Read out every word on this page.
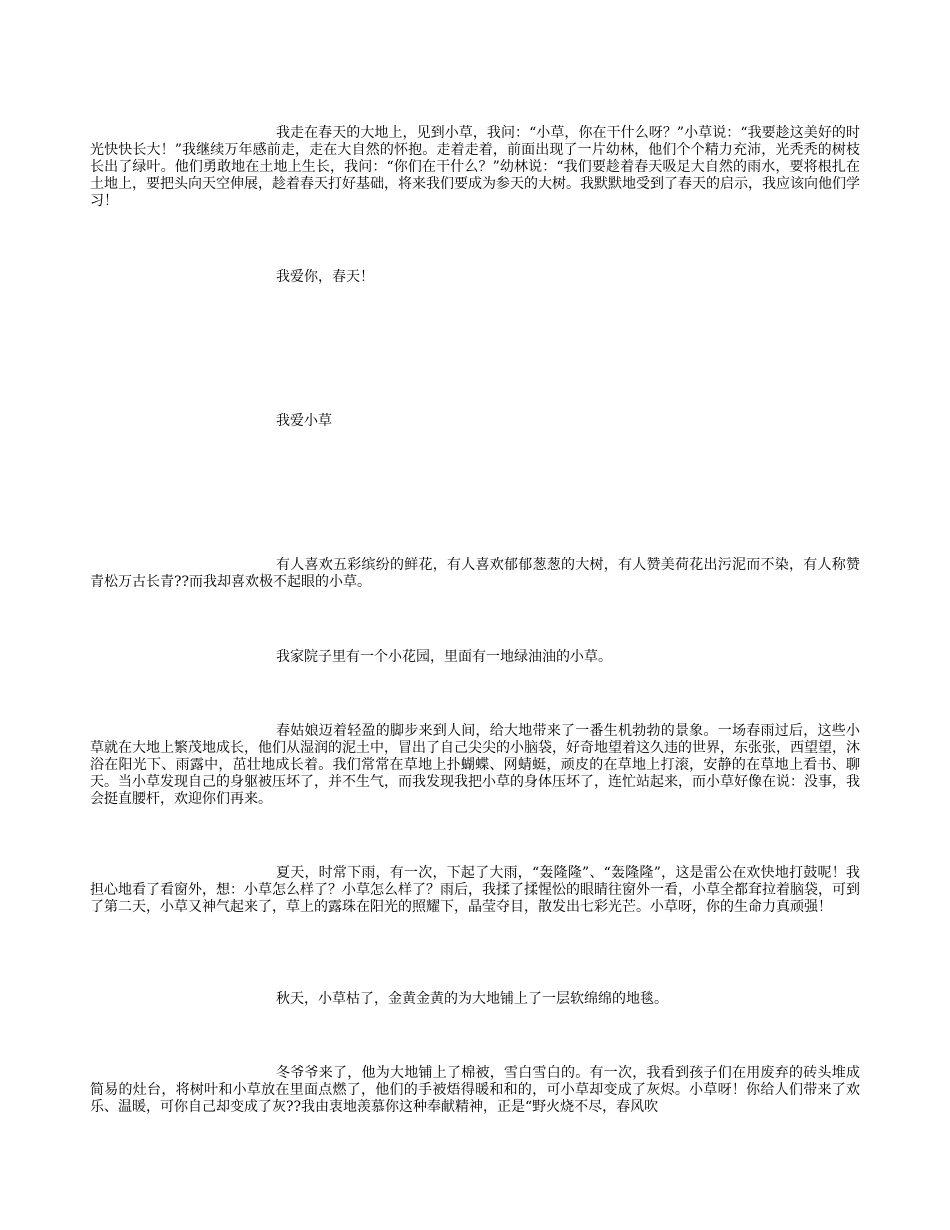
我走在春天的大地上，见到小草，我问：“小草，你在干什么呀？”小草说：“我要趁这美好的时光快快长大！”我继续万年感前走，走在大自然的怀抱。走着走着，前面出现了一片幼林，他们个个精力充沛，光秃秃的树枝长出了绿叶。他们勇敢地在土地上生长，我问：“你们在干什么？”幼林说：“我们要趁着春天吸足大自然的雨水，要将根扎在土地上，要把头向天空伸展，趁着春天打好基础，将来我们要成为参天的大树。我默默地受到了春天的启示，我应该向他们学习！

我爱你，春天！

我爱小草

有人喜欢五彩缤纷的鲜花，有人喜欢郁郁葱葱的大树，有人赞美荷花出污泥而不染，有人称赞青松万古长青??而我却喜欢极不起眼的小草。

我家院子里有一个小花园，里面有一地绿油油的小草。

春姑娘迈着轻盈的脚步来到人间，给大地带来了一番生机勃勃的景象。一场春雨过后，这些小草就在大地上繁茂地成长，他们从湿润的泥土中，冒出了自己尖尖的小脑袋，好奇地望着这久违的世界，东张张，西望望，沐浴在阳光下、雨露中，茁壮地成长着。我们常常在草地上扑蝴蝶、网蜻蜓，顽皮的在草地上打滚，安静的在草地上看书、聊天。当小草发现自己的身躯被压坏了，并不生气，而我发现我把小草的身体压坏了，连忙站起来，而小草好像在说：没事，我会挺直腰杆，欢迎你们再来。

夏天，时常下雨，有一次，下起了大雨，“轰隆隆”、“轰隆隆”，这是雷公在欢快地打鼓呢！我担心地看了看窗外，想：小草怎么样了？小草怎么样了？雨后，我揉了揉惺忪的眼睛往窗外一看，小草全都耷拉着脑袋，可到了第二天，小草又神气起来了，草上的露珠在阳光的照耀下，晶莹夺目，散发出七彩光芒。小草呀，你的生命力真顽强！

秋天，小草枯了，金黄金黄的为大地铺上了一层软绵绵的地毯。

冬爷爷来了，他为大地铺上了棉被，雪白雪白的。有一次，我看到孩子们在用废弃的砖头堆成简易的灶台，将树叶和小草放在里面点燃了，他们的手被焐得暖和和的，可小草却变成了灰烬。小草呀！你给人们带来了欢乐、温暖，可你自己却变成了灰??我由衷地羡慕你这种奉献精神，正是“野火烧不尽，春风吹
